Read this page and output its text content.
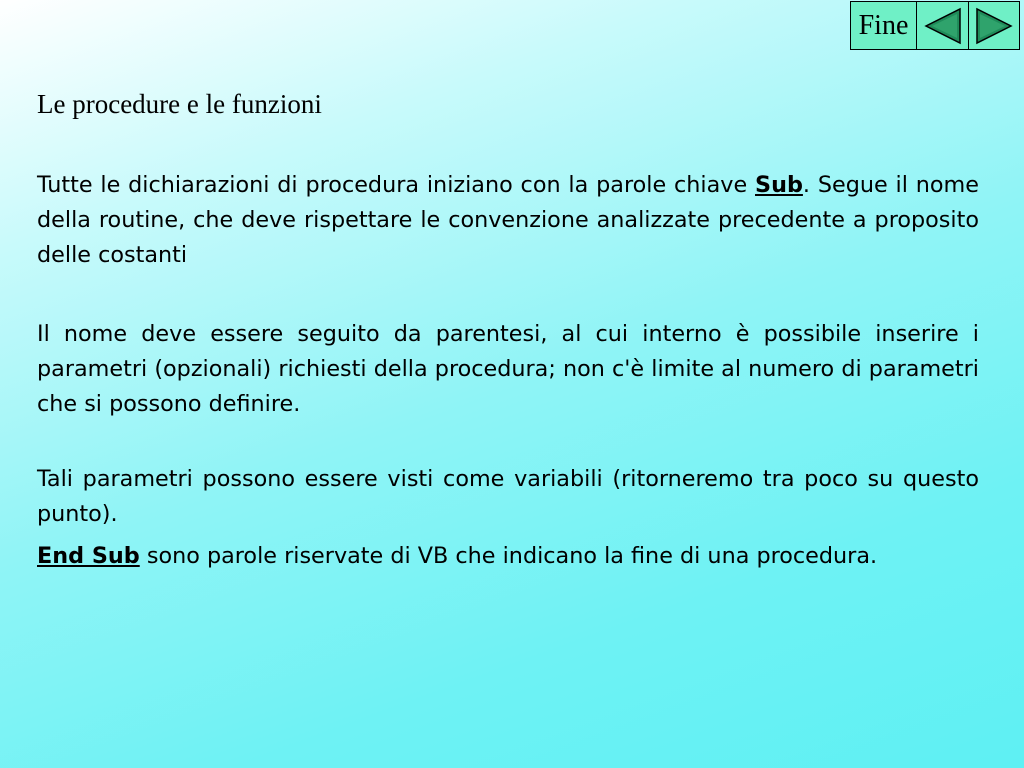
Fine
Le procedure e le funzioni

Tutte le dichiarazioni di procedura iniziano con la parole chiave Sub. Segue il nome della routine, che deve rispettare le convenzione analizzate precedente a proposito delle costanti

Il nome deve essere seguito da parentesi, al cui interno è possibile inserire i parametri (opzionali) richiesti della procedura; non c'è limite al numero di parametri che si possono definire.

Tali parametri possono essere visti come variabili (ritorneremo tra poco su questo punto).

End Sub sono parole riservate di VB che indicano la fine di una procedura.
